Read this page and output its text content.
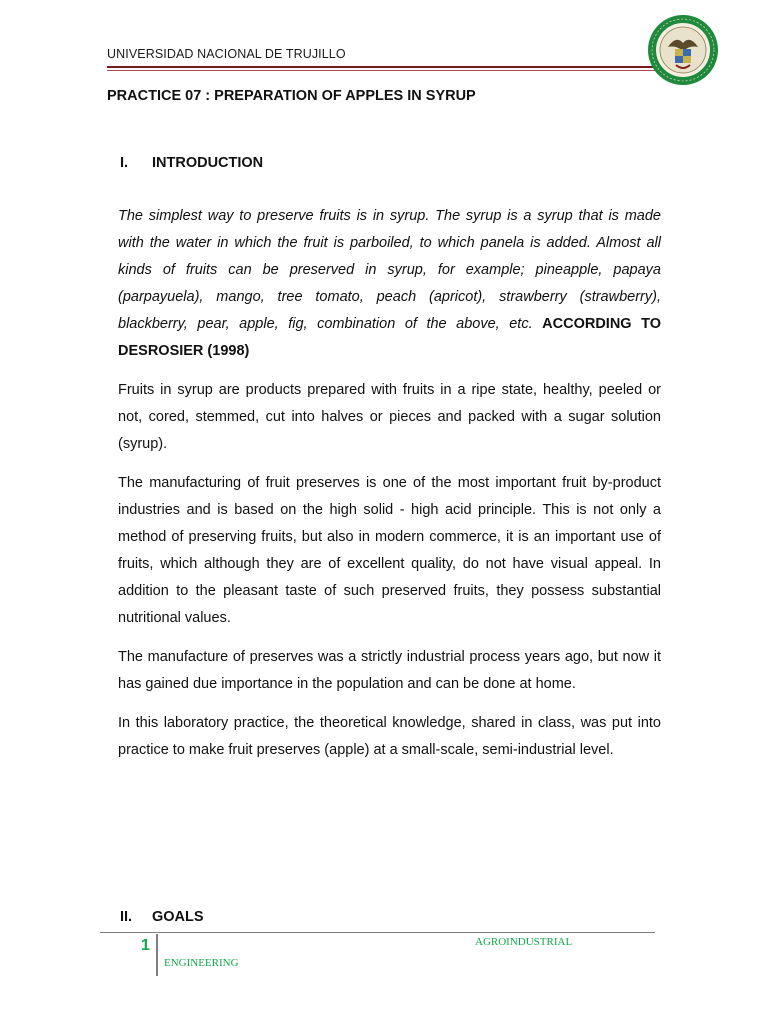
UNIVERSIDAD NACIONAL DE TRUJILLO
PRACTICE 07 : PREPARATION OF APPLES IN SYRUP
I. INTRODUCTION

The simplest way to preserve fruits is in syrup. The syrup is a syrup that is made with the water in which the fruit is parboiled, to which panela is added. Almost all kinds of fruits can be preserved in syrup, for example; pineapple, papaya (parpayuela), mango, tree tomato, peach (apricot), strawberry (strawberry), blackberry, pear, apple, fig, combination of the above, etc. ACCORDING TO DESROSIER (1998)

Fruits in syrup are products prepared with fruits in a ripe state, healthy, peeled or not, cored, stemmed, cut into halves or pieces and packed with a sugar solution (syrup).

The manufacturing of fruit preserves is one of the most important fruit by-product industries and is based on the high solid - high acid principle. This is not only a method of preserving fruits, but also in modern commerce, it is an important use of fruits, which although they are of excellent quality, do not have visual appeal. In addition to the pleasant taste of such preserved fruits, they possess substantial nutritional values.

The manufacture of preserves was a strictly industrial process years ago, but now it has gained due importance in the population and can be done at home.

In this laboratory practice, the theoretical knowledge, shared in class, was put into practice to make fruit preserves (apple) at a small-scale, semi-industrial level.

II. GOALS
1	AGROINDUSTRIAL
ENGINEERING
